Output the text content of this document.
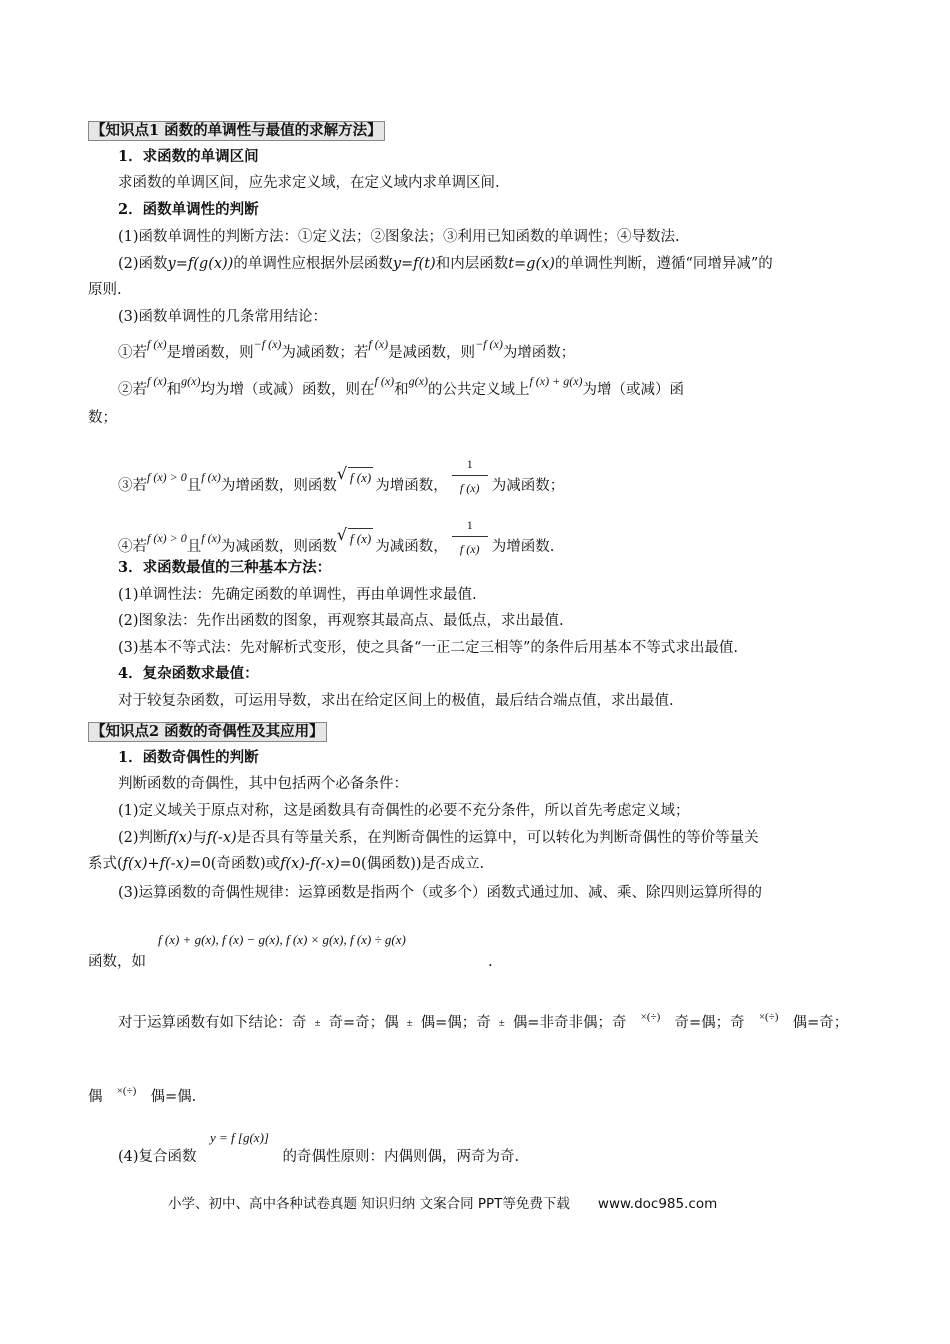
【知识点1 函数的单调性与最值的求解方法】
1．求函数的单调区间
求函数的单调区间，应先求定义域，在定义域内求单调区间.
2．函数单调性的判断
(1)函数单调性的判断方法：①定义法；②图象法；③利用已知函数的单调性；④导数法.
(2)函数y=f(g(x))的单调性应根据外层函数y=f(t)和内层函数t=g(x)的单调性判断，遵循“同增异减”的
原则.
(3)函数单调性的几条常用结论：
①若$^{f (x)}$是增函数，则$^{-f (x)}$为减函数；若$^{f (x)}$是减函数，则$^{-f (x)}$为增函数；
②若$^{f (x)}$和$^{g(x)}$均为增（或减）函数，则在$^{f (x)}$和$^{g(x)}$的公共定义域上$^{f (x) + g(x)}$为增（或减）函
数；
③若$^{f (x) > 0}$且$^{f (x)}$为增函数，则函数√ f (x)为增函数， $\frac{1}{f (x)}$ 为减函数；
④若$^{f (x) > 0}$且$^{f (x)}$为减函数，则函数√ f (x)为减函数， $\frac{1}{f (x)}$ 为增函数.
3．求函数最值的三种基本方法：
(1)单调性法：先确定函数的单调性，再由单调性求最值.
(2)图象法：先作出函数的图象，再观察其最高点、最低点，求出最值.
(3)基本不等式法：先对解析式变形，使之具备“一正二定三相等”的条件后用基本不等式求出最值.
4．复杂函数求最值：
对于较复杂函数，可运用导数，求出在给定区间上的极值，最后结合端点值，求出最值.
【知识点2 函数的奇偶性及其应用】
1．函数奇偶性的判断
判断函数的奇偶性，其中包括两个必备条件：
(1)定义域关于原点对称，这是函数具有奇偶性的必要不充分条件，所以首先考虑定义域；
(2)判断f(x)与f(-x)是否具有等量关系，在判断奇偶性的运算中，可以转化为判断奇偶性的等价等量关
系式(f(x)+f(-x)=0(奇函数)或f(x)-f(-x)=0(偶函数))是否成立.
(3)运算函数的奇偶性规律：运算函数是指两个（或多个）函数式通过加、减、乘、除四则运算所得的
f (x) + g(x), f (x) − g(x), f (x) × g(x), f (x) ÷ g(x)
函数，如	.
对于运算函数有如下结论：奇 ± 奇=奇；偶 ± 偶=偶；奇 ± 偶=非奇非偶；奇	×(÷) 奇=偶；奇	×(÷) 偶=奇；
偶	×(÷) 偶=偶.
y = f [g(x)]
(4)复合函数	的奇偶性原则：内偶则偶，两奇为奇.
小学、初中、高中各种试卷真题 知识归纳 文案合同 PPT等免费下载 www.doc985.com
